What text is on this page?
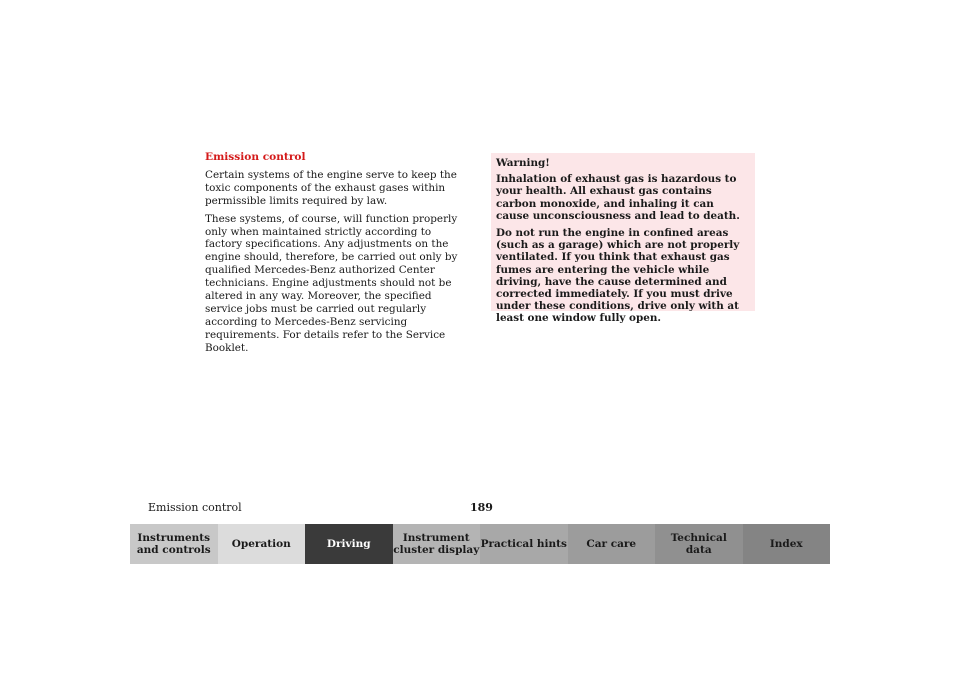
Emission control

Certain systems of the engine serve to keep the toxic components of the exhaust gases within permissible limits required by law.

These systems, of course, will function properly only when maintained strictly according to factory specifications. Any adjustments on the engine should, therefore, be carried out only by qualified Mercedes-Benz authorized Center technicians. Engine adjustments should not be altered in any way. Moreover, the specified service jobs must be carried out regularly according to Mercedes-Benz servicing requirements. For details refer to the Service Booklet.

Warning!

Inhalation of exhaust gas is hazardous to your health. All exhaust gas contains carbon monoxide, and inhaling it can cause unconsciousness and lead to death.

Do not run the engine in confined areas (such as a garage) which are not properly ventilated. If you think that exhaust gas fumes are entering the vehicle while driving, have the cause determined and corrected immediately. If you must drive under these conditions, drive only with at least one window fully open.

Emission control	189
Instruments
and controls
Operation	Driving
Instrument
cluster display
Practical hints	Car care
Technical
data
Index
